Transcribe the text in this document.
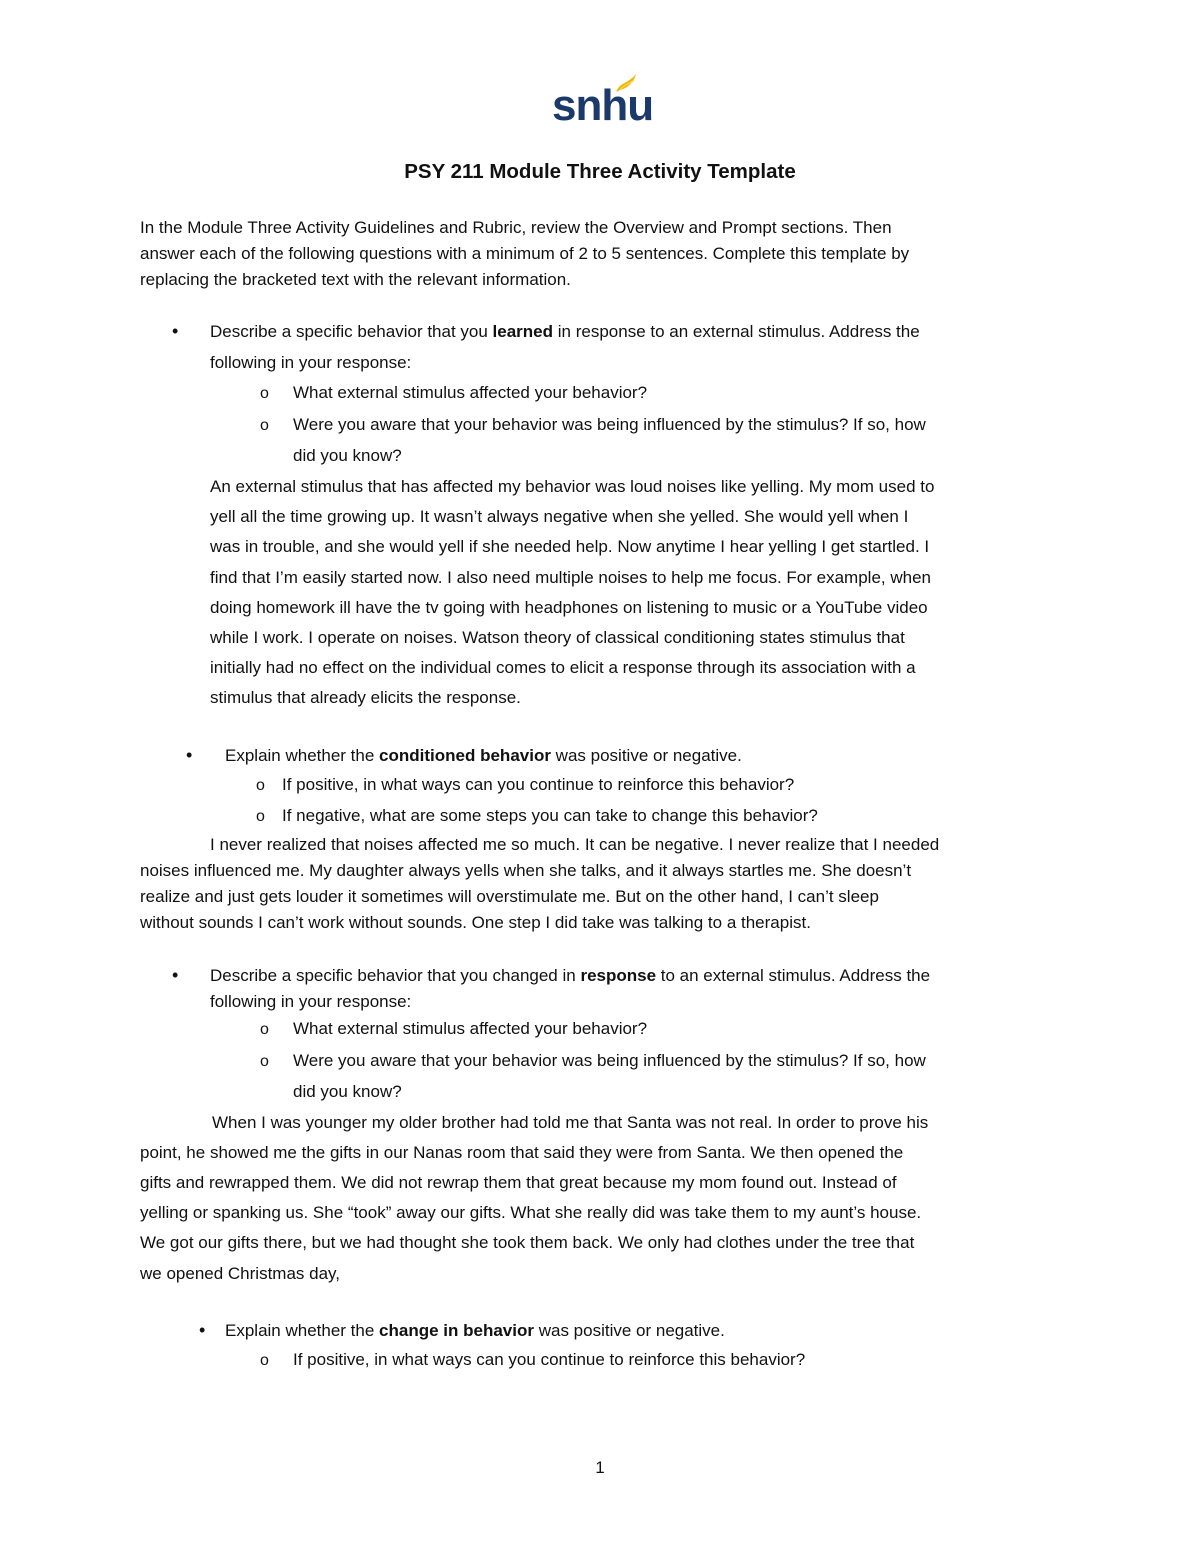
snhu
PSY 211 Module Three Activity Template
In the Module Three Activity Guidelines and Rubric, review the Overview and Prompt sections. Then
answer each of the following questions with a minimum of 2 to 5 sentences. Complete this template by
replacing the bracketed text with the relevant information.
• Describe a specific behavior that you learned in response to an external stimulus. Address the
following in your response:
o What external stimulus affected your behavior?
o Were you aware that your behavior was being influenced by the stimulus? If so, how
did you know?
An external stimulus that has affected my behavior was loud noises like yelling. My mom used to
yell all the time growing up. It wasn’t always negative when she yelled. She would yell when I
was in trouble, and she would yell if she needed help. Now anytime I hear yelling I get startled. I
find that I’m easily started now. I also need multiple noises to help me focus. For example, when
doing homework ill have the tv going with headphones on listening to music or a YouTube video
while I work. I operate on noises. Watson theory of classical conditioning states stimulus that
initially had no effect on the individual comes to elicit a response through its association with a
stimulus that already elicits the response.
• Explain whether the conditioned behavior was positive or negative.
o If positive, in what ways can you continue to reinforce this behavior?
o If negative, what are some steps you can take to change this behavior?
I never realized that noises affected me so much. It can be negative. I never realize that I needed
noises influenced me. My daughter always yells when she talks, and it always startles me. She doesn’t
realize and just gets louder it sometimes will overstimulate me. But on the other hand, I can’t sleep
without sounds I can’t work without sounds. One step I did take was talking to a therapist.
• Describe a specific behavior that you changed in response to an external stimulus. Address the
following in your response:
o What external stimulus affected your behavior?
o Were you aware that your behavior was being influenced by the stimulus? If so, how
did you know?
When I was younger my older brother had told me that Santa was not real. In order to prove his
point, he showed me the gifts in our Nanas room that said they were from Santa. We then opened the
gifts and rewrapped them. We did not rewrap them that great because my mom found out. Instead of
yelling or spanking us. She “took” away our gifts. What she really did was take them to my aunt’s house.
We got our gifts there, but we had thought she took them back. We only had clothes under the tree that
we opened Christmas day,
• Explain whether the change in behavior was positive or negative.
o If positive, in what ways can you continue to reinforce this behavior?
1
